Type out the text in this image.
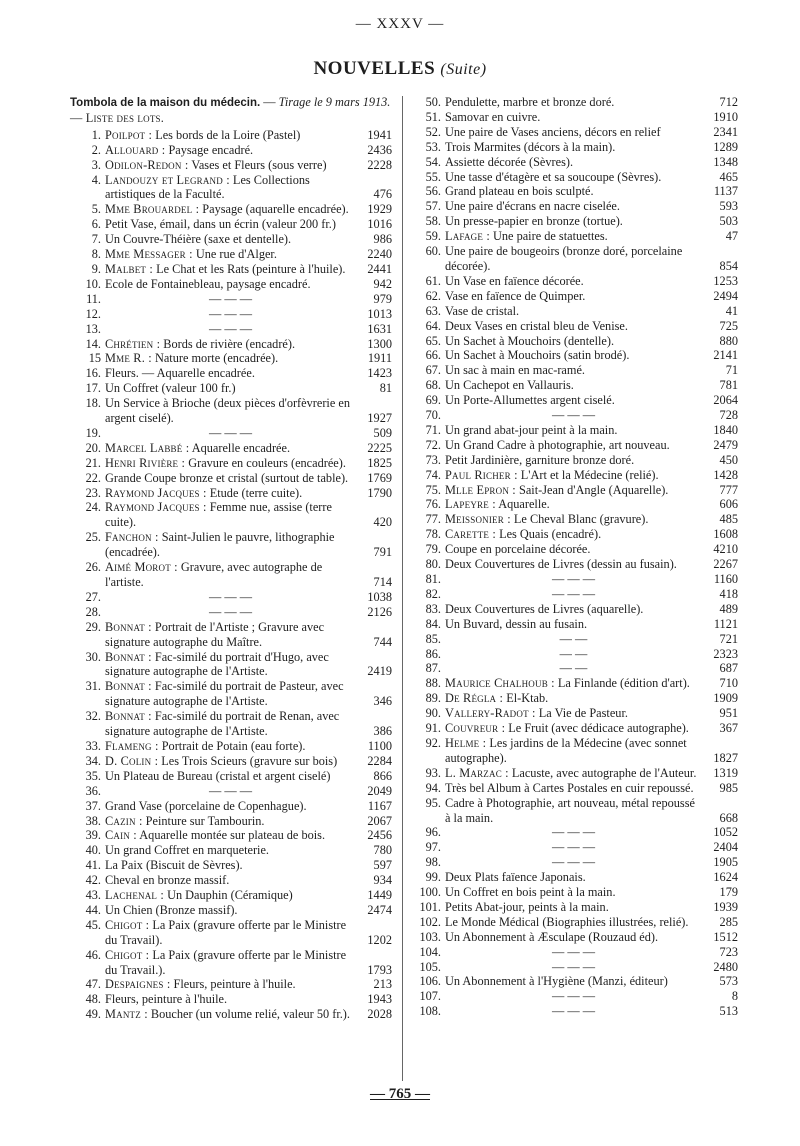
— XXXV —
NOUVELLES (Suite)
Tombola de la maison du médecin. — Tirage le 9 mars 1913. — Liste des lots.
1. Poilpot : Les bords de la Loire (Pastel)	1941
2. Allouard : Paysage encadré.	2436
3. Odilon-Redon : Vases et Fleurs (sous verre)	2228
4. Landouzy et Legrand : Les Collections artistiques de la Faculté.	476
5. Mme Brouardel : Paysage (aquarelle encadrée).	1929
6. Petit Vase, émail, dans un écrin (valeur 200 fr.)	1016
7. Un Couvre-Théière (saxe et dentelle).	986
8. Mme Messager : Une rue d'Alger.	2240
9. Malbet : Le Chat et les Rats (peinture à l'huile).	2441
10. Ecole de Fontainebleau, paysage encadré.	942
11.	— — —	979
12.	— — —	1013
13.	— — —	1631
14. Chrétien : Bords de rivière (encadré).	1300
15 Mme R. : Nature morte (encadrée).	1911
16. Fleurs. — Aquarelle encadrée.	1423
17. Un Coffret (valeur 100 fr.)	81
18. Un Service à Brioche (deux pièces d'orfèvrerie en argent ciselé).	1927
19.	— — —	509
20. Marcel Labbé : Aquarelle encadrée.	2225
21. Henri Rivière : Gravure en couleurs (encadrée).	1825
22. Grande Coupe bronze et cristal (surtout de table).	1769
23. Raymond Jacques : Etude (terre cuite).	1790
24. Raymond Jacques : Femme nue, assise (terre cuite).	420
25. Fanchon : Saint-Julien le pauvre, lithographie (encadrée).	791
26. Aimé Morot : Gravure, avec autographe de l'artiste.	714
27.	— — —	1038
28.	— — —	2126
29. Bonnat : Portrait de l'Artiste ; Gravure avec signature autographe du Maître.	744
30. Bonnat : Fac-similé du portrait d'Hugo, avec signature autographe de l'Artiste.	2419
31. Bonnat : Fac-similé du portrait de Pasteur, avec signature autographe de l'Artiste.	346
32. Bonnat : Fac-similé du portrait de Renan, avec signature autographe de l'Artiste.	386
33. Flameng : Portrait de Potain (eau forte).	1100
34. D. Colin : Les Trois Scieurs (gravure sur bois)	2284
35. Un Plateau de Bureau (cristal et argent ciselé)	866
36.	— — —	2049
37. Grand Vase (porcelaine de Copenhague).	1167
38. Cazin : Peinture sur Tambourin.	2067
39. Cain : Aquarelle montée sur plateau de bois.	2456
40. Un grand Coffret en marqueterie.	780
41. La Paix (Biscuit de Sèvres).	597
42. Cheval en bronze massif.	934
43. Lachenal : Un Dauphin (Céramique)	1449
44. Un Chien (Bronze massif).	2474
45. Chigot : La Paix (gravure offerte par le Ministre du Travail).	1202
46. Chigot : La Paix (gravure offerte par le Ministre du Travail.).	1793
47. Despaignes : Fleurs, peinture à l'huile.	213
48. Fleurs, peinture à l'huile.	1943
49. Mantz : Boucher (un volume relié, valeur 50 fr.).	2028
50. Pendulette, marbre et bronze doré.	712
51. Samovar en cuivre.	1910
52. Une paire de Vases anciens, décors en relief	2341
53. Trois Marmites (décors à la main).	1289
54. Assiette décorée (Sèvres).	1348
55. Une tasse d'étagère et sa soucoupe (Sèvres).	465
56. Grand plateau en bois sculpté.	1137
57. Une paire d'écrans en nacre ciselée.	593
58. Un presse-papier en bronze (tortue).	503
59. Lafage : Une paire de statuettes.	47
60. Une paire de bougeoirs (bronze doré, porcelaine décorée).	854
61. Un Vase en faïence décorée.	1253
62. Vase en faïence de Quimper.	2494
63. Vase de cristal.	41
64. Deux Vases en cristal bleu de Venise.	725
65. Un Sachet à Mouchoirs (dentelle).	880
66. Un Sachet à Mouchoirs (satin brodé).	2141
67. Un sac à main en mac-ramé.	71
68. Un Cachepot en Vallauris.	781
69. Un Porte-Allumettes argent ciselé.	2064
70.	— — —	728
71. Un grand abat-jour peint à la main.	1840
72. Un Grand Cadre à photographie, art nouveau.	2479
73. Petit Jardinière, garniture bronze doré.	450
74. Paul Richer : L'Art et la Médecine (relié).	1428
75. Mlle Epron : Sait-Jean d'Angle (Aquarelle).	777
76. Lapeyre : Aquarelle.	606
77. Meissonier : Le Cheval Blanc (gravure).	485
78. Carette : Les Quais (encadré).	1608
79. Coupe en porcelaine décorée.	4210
80. Deux Couvertures de Livres (dessin au fusain).	2267
81.	— — —	1160
82.	— — —	418
83. Deux Couvertures de Livres (aquarelle).	489
84. Un Buvard, dessin au fusain.	1121
85.	— —	721
86.	— —	2323
87.	— —	687
88. Maurice Chalhoub : La Finlande (édition d'art).	710
89. De Régla : El-Ktab.	1909
90. Vallery-Radot : La Vie de Pasteur.	951
91. Couvreur : Le Fruit (avec dédicace autographe).	367
92. Helme : Les jardins de la Médecine (avec sonnet autographe).	1827
93. L. Marzac : Lacuste, avec autographe de l'Auteur.	1319
94. Très bel Album à Cartes Postales en cuir repoussé.	985
95. Cadre à Photographie, art nouveau, métal repoussé à la main.	668
96.	— — —	1052
97.	— — —	2404
98.	— — —	1905
99. Deux Plats faïence Japonais.	1624
100. Un Coffret en bois peint à la main.	179
101. Petits Abat-jour, peints à la main.	1939
102. Le Monde Médical (Biographies illustrées, relié).	285
103. Un Abonnement à Æsculape (Rouzaud éd).	1512
104.	— — —	723
105.	— — —	2480
106. Un Abonnement à l'Hygiène (Manzi, éditeur)	573
107.	— — —	8
108.	— — —	513
— 765 —
